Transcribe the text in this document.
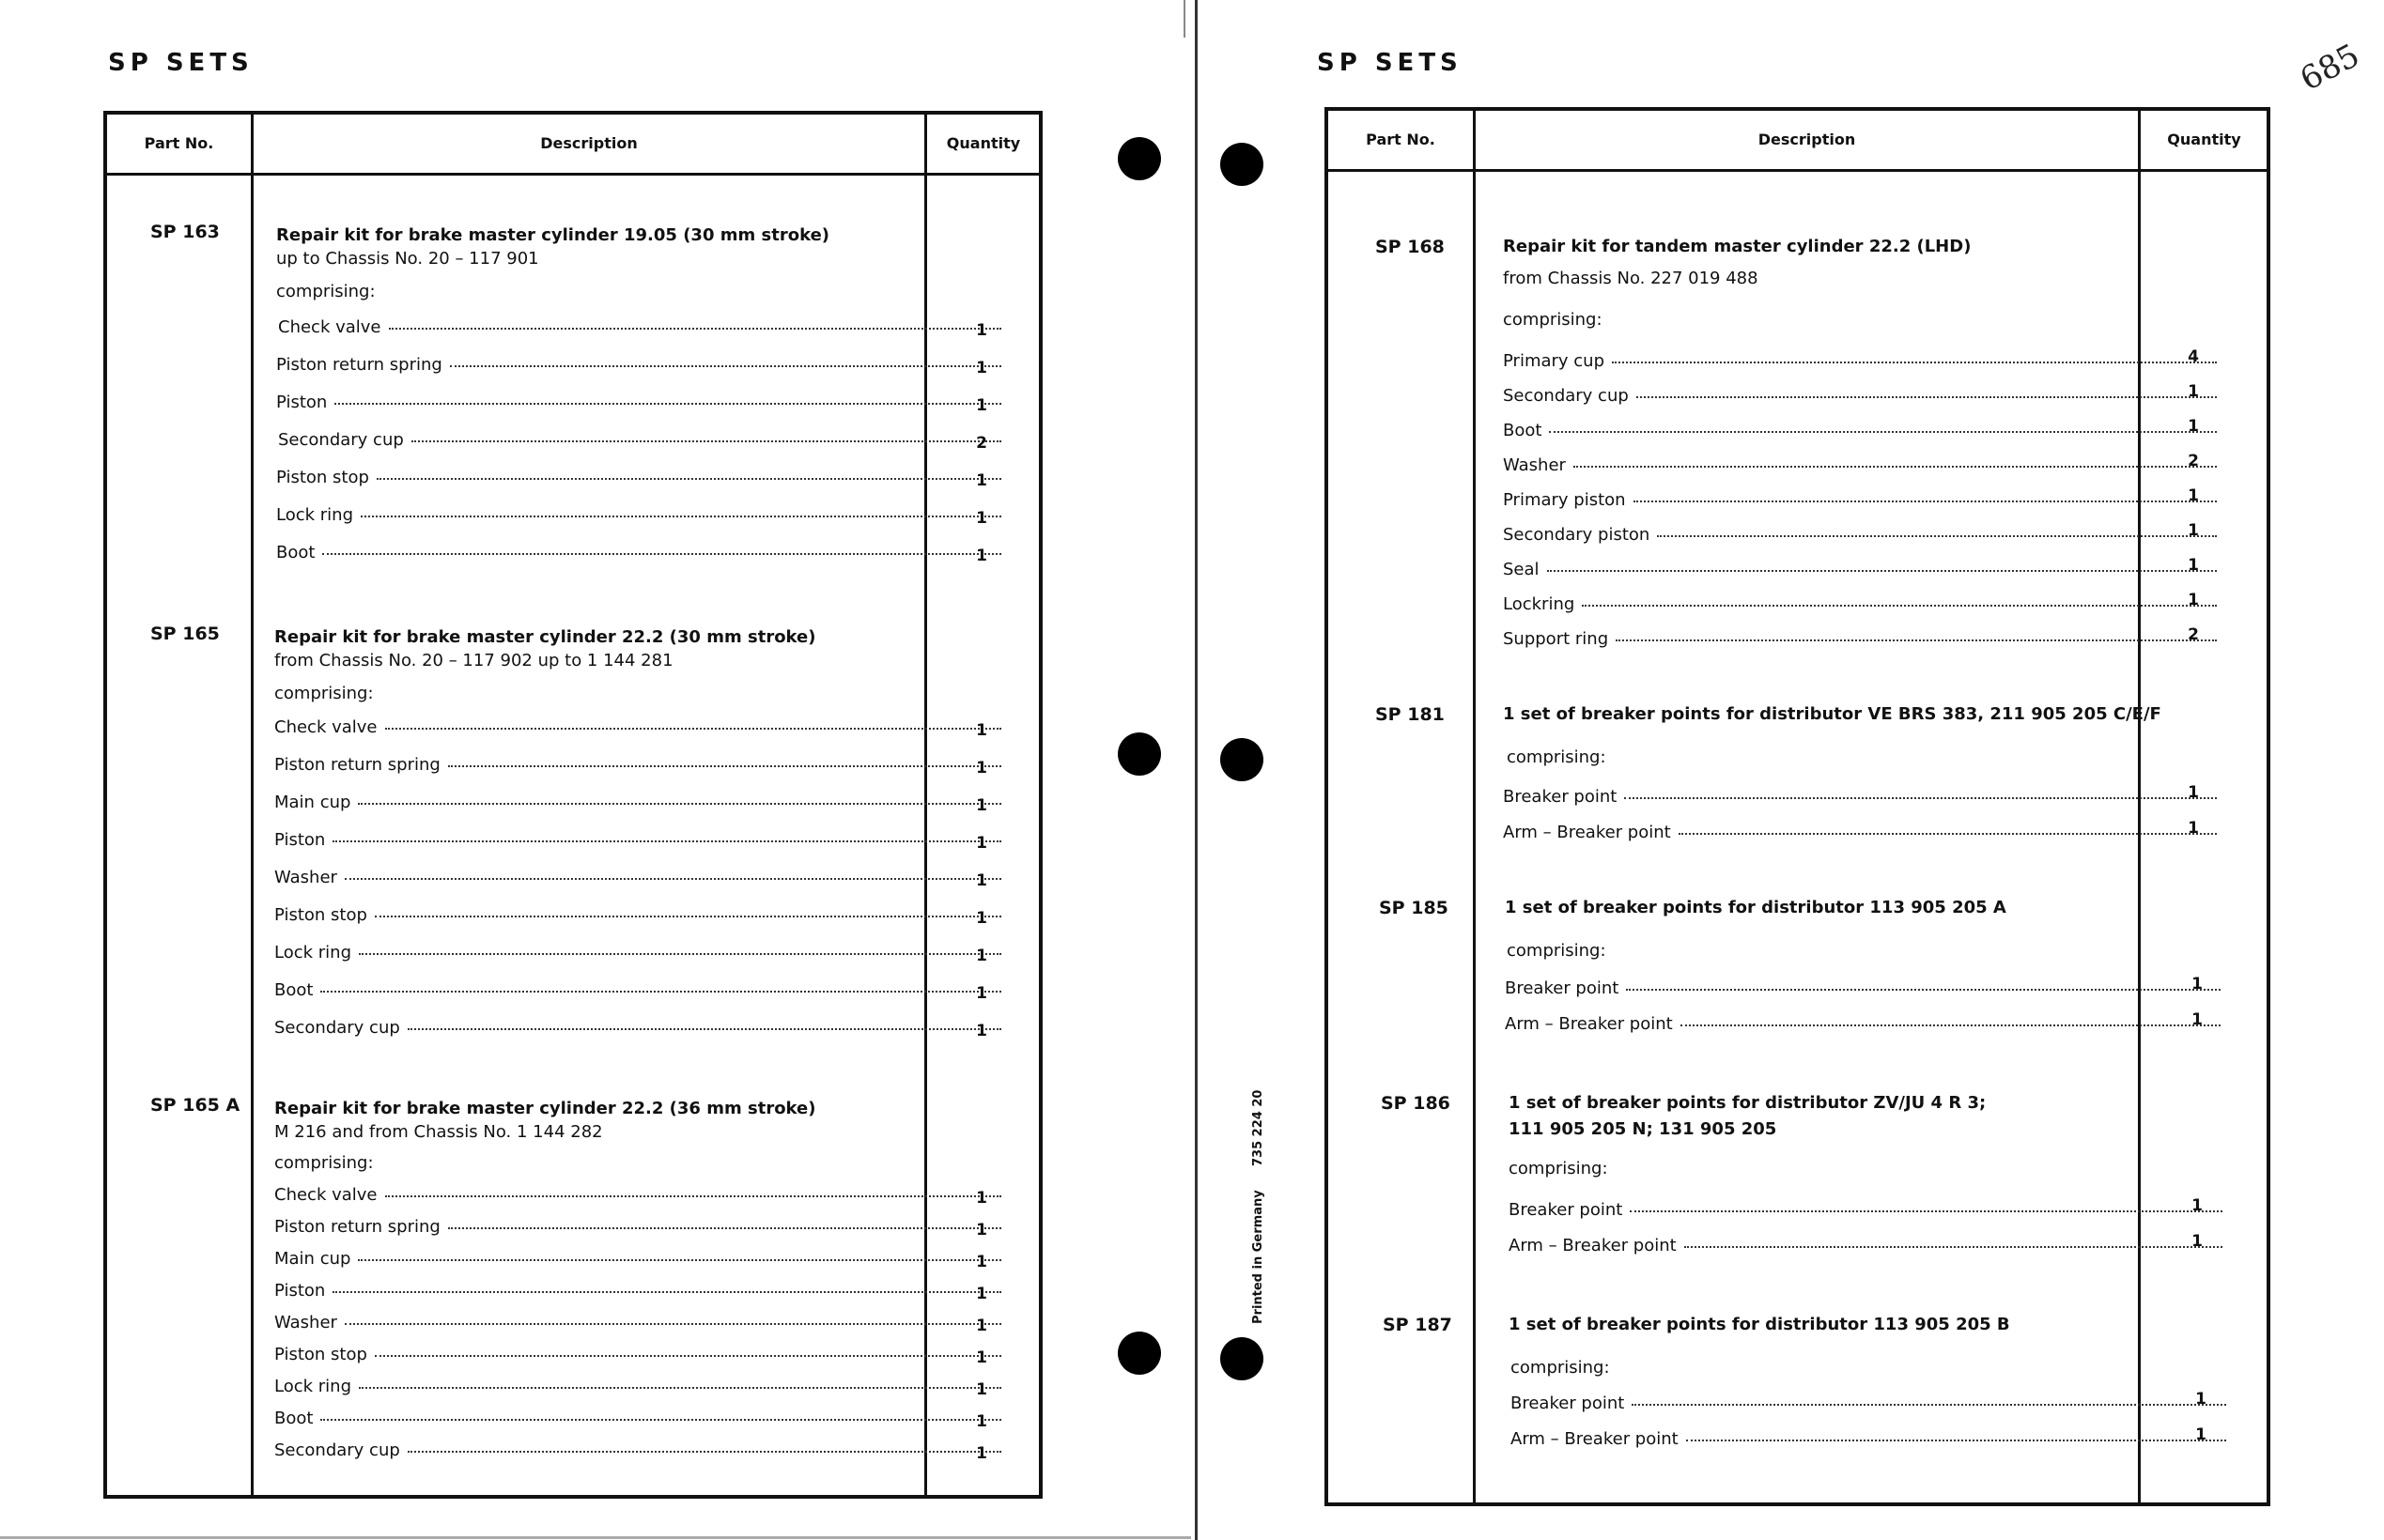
SP SETS
Part No.	Description	Quantity
SP 163	Repair kit for brake master cylinder 19.05 (30 mm stroke)
up to Chassis No. 20 – 117 901
comprising:
Check valve	1
Piston return spring	1
Piston	1
Secondary cup	2
Piston stop	1
Lock ring	1
Boot	1
SP 165	Repair kit for brake master cylinder 22.2 (30 mm stroke)
from Chassis No. 20 – 117 902 up to 1 144 281
comprising:
Check valve	1
Piston return spring	1
Main cup	1
Piston	1
Washer	1
Piston stop	1
Lock ring	1
Boot	1
Secondary cup	1
SP 165 A Repair kit for brake master cylinder 22.2 (36 mm stroke)
M 216 and from Chassis No. 1 144 282
comprising:
Check valve	1
Piston return spring	1
Main cup	1
Piston	1
Washer	1
Piston stop	1
Lock ring	1
Boot	1
Secondary cup	1
735 224 20
Printed in Germany
SP SETS	685
Part No.	Description	Quantity
SP 168	Repair kit for tandem master cylinder 22.2 (LHD)
from Chassis No. 227 019 488
comprising:
Primary cup	4
Secondary cup	1
Boot	1
Washer	2
Primary piston	1
Secondary piston	1
Seal	1
Lockring	1
Support ring	2
SP 181	1 set of breaker points for distributor VE BRS 383, 211 905 205 C/E/F
comprising:
Breaker point	1
Arm – Breaker point	1
SP 185	1 set of breaker points for distributor 113 905 205 A
comprising:
Breaker point	1
Arm – Breaker point	1
SP 186	1 set of breaker points for distributor ZV/JU 4 R 3;
111 905 205 N; 131 905 205
comprising:
Breaker point	1
Arm – Breaker point	1
SP 187	1 set of breaker points for distributor 113 905 205 B
comprising:
Breaker point	1
Arm – Breaker point	1
